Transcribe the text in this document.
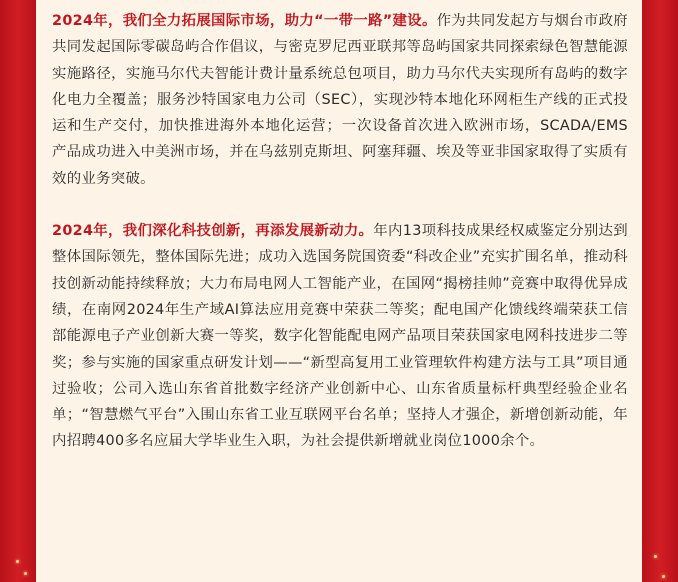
2024年，我们全力拓展国际市场，助力“一带一路”建设。作为共同发起方与烟台市政府共同发起国际零碳岛屿合作倡议，与密克罗尼西亚联邦等岛屿国家共同探索绿色智慧能源实施路径，实施马尔代夫智能计费计量系统总包项目，助力马尔代夫实现所有岛屿的数字化电力全覆盖；服务沙特国家电力公司（SEC），实现沙特本地化环网柜生产线的正式投运和生产交付，加快推进海外本地化运营；一次设备首次进入欧洲市场，SCADA/EMS 产品成功进入中美洲市场，并在乌兹别克斯坦、阿塞拜疆、埃及等亚非国家取得了实质有效的业务突破。

2024年，我们深化科技创新，再添发展新动力。年内13项科技成果经权威鉴定分别达到整体国际领先，整体国际先进；成功入选国务院国资委“科改企业”充实扩围名单，推动科技创新动能持续释放；大力布局电网人工智能产业，在国网“揭榜挂帅”竞赛中取得优异成绩，在南网2024年生产域AI算法应用竞赛中荣获二等奖；配电国产化馈线终端荣获工信部能源电子产业创新大赛一等奖，数字化智能配电网产品项目荣获国家电网科技进步二等奖；参与实施的国家重点研发计划——“新型高复用工业管理软件构建方法与工具”项目通过验收；公司入选山东省首批数字经济产业创新中心、山东省质量标杆典型经验企业名单；“智慧燃气平台”入围山东省工业互联网平台名单；坚持人才强企，新增创新动能，年内招聘400多名应届大学毕业生入职，为社会提供新增就业岗位1000余个。
